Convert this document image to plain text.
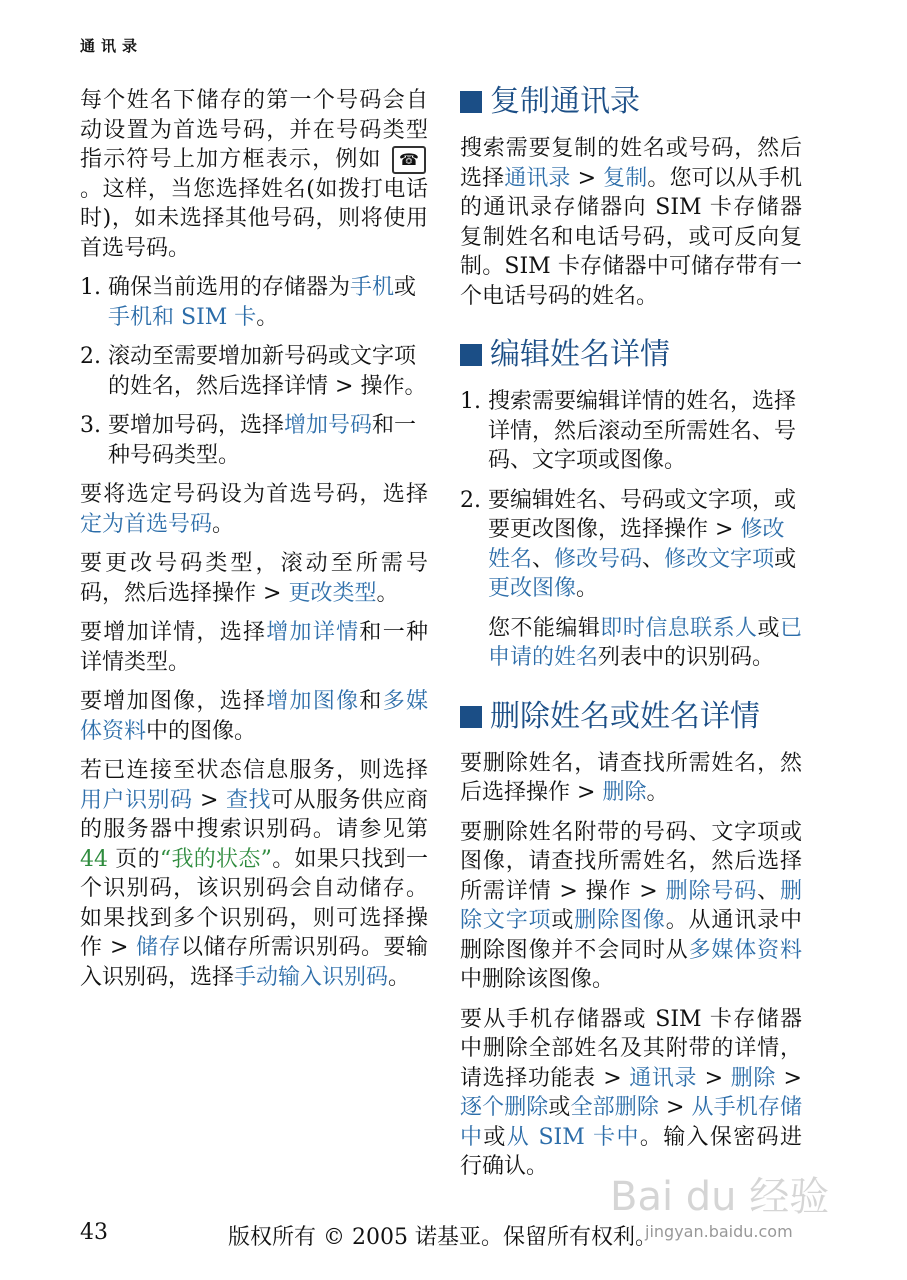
通讯录

每个姓名下储存的第一个号码会自动设置为首选号码，并在号码类型指示符号上加方框表示，例如 ☎。这样，当您选择姓名(如拨打电话时)，如未选择其他号码，则将使用首选号码。

1. 确保当前选用的存储器为手机或手机和 SIM 卡。
2. 滚动至需要增加新号码或文字项的姓名，然后选择详情 > 操作。
3. 要增加号码，选择增加号码和一种号码类型。

要将选定号码设为首选号码，选择定为首选号码。

要更改号码类型，滚动至所需号码，然后选择操作 > 更改类型。

要增加详情，选择增加详情和一种详情类型。

要增加图像，选择增加图像和多媒体资料中的图像。

若已连接至状态信息服务，则选择用户识别码 > 查找可从服务供应商的服务器中搜索识别码。请参见第 44 页的“我的状态”。如果只找到一个识别码，该识别码会自动储存。如果找到多个识别码，则可选择操作 > 储存以储存所需识别码。要输入识别码，选择手动输入识别码。

复制通讯录

搜索需要复制的姓名或号码，然后选择通讯录 > 复制。您可以从手机的通讯录存储器向 SIM 卡存储器复制姓名和电话号码，或可反向复制。SIM 卡存储器中可储存带有一个电话号码的姓名。

编辑姓名详情
1. 搜索需要编辑详情的姓名，选择详情，然后滚动至所需姓名、号码、文字项或图像。
2. 要编辑姓名、号码或文字项，或要更改图像，选择操作 > 修改姓名、修改号码、修改文字项或更改图像。

您不能编辑即时信息联系人或已申请的姓名列表中的识别码。

删除姓名或姓名详情

要删除姓名，请查找所需姓名，然后选择操作 > 删除。

要删除姓名附带的号码、文字项或图像，请查找所需姓名，然后选择所需详情 > 操作 > 删除号码、删除文字项或删除图像。从通讯录中删除图像并不会同时从多媒体资料中删除该图像。

要从手机存储器或 SIM 卡存储器中删除全部姓名及其附带的详情，请选择功能表 > 通讯录 > 删除 > 逐个删除或全部删除 > 从手机存储中或从 SIM 卡中。输入保密码进行确认。

Bai du 经验
jingyan.baidu.com
43	版权所有 © 2005 诺基亚。保留所有权利。
